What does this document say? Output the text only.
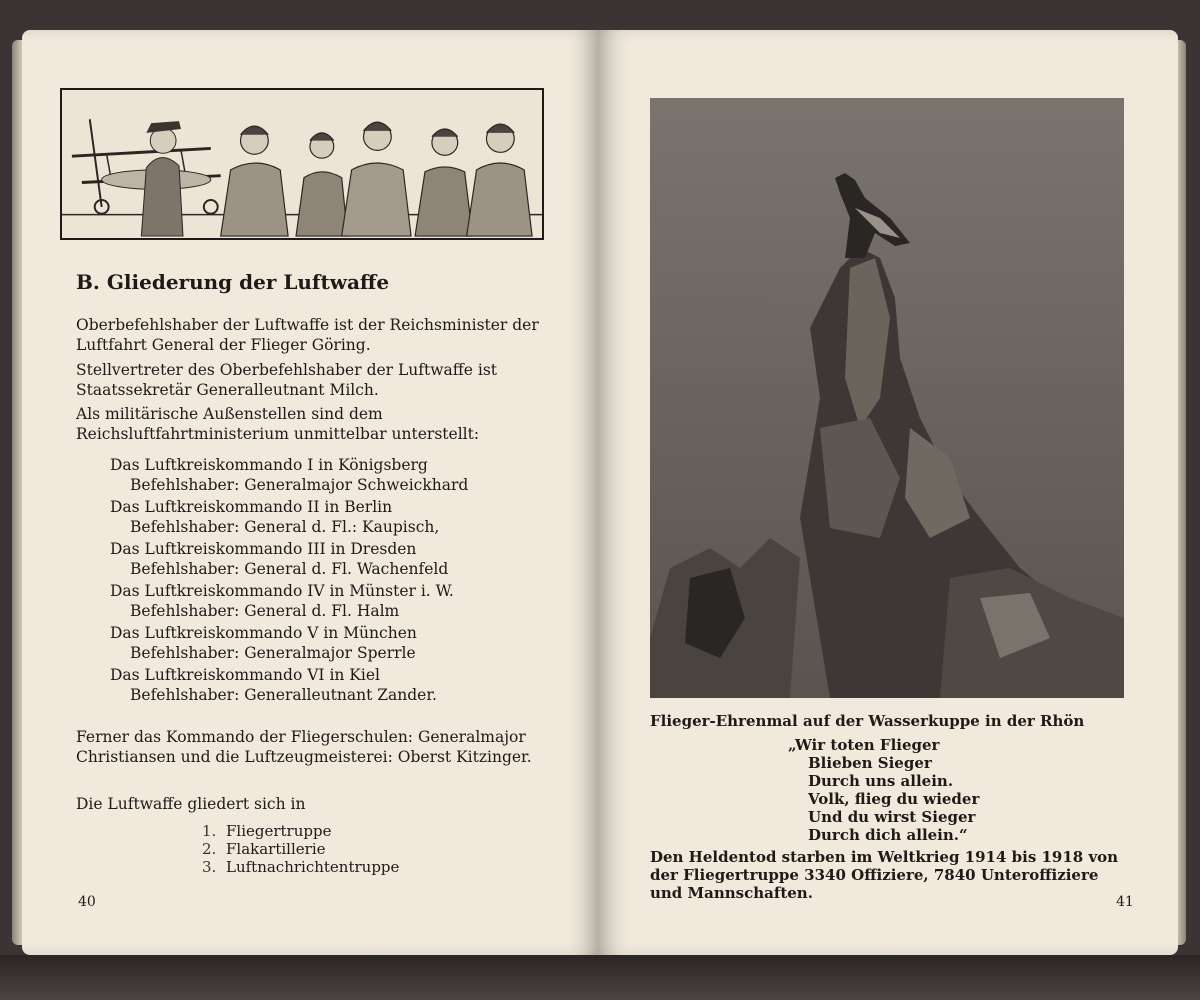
B. Gliederung der Luftwaffe

Oberbefehlshaber der Luftwaffe ist der Reichsminister der Luftfahrt General der Flieger Göring.

Stellvertreter des Oberbefehlshaber der Luftwaffe ist Staatssekretär Generalleutnant Milch.

Als militärische Außenstellen sind dem Reichsluftfahrtministerium unmittelbar unterstellt:

Das Luftkreiskommando I in Königsberg
Befehlshaber: Generalmajor Schweickhard
Das Luftkreiskommando II in Berlin
Befehlshaber: General d. Fl.: Kaupisch,
Das Luftkreiskommando III in Dresden
Befehlshaber: General d. Fl. Wachenfeld
Das Luftkreiskommando IV in Münster i. W.
Befehlshaber: General d. Fl. Halm
Das Luftkreiskommando V in München
Befehlshaber: Generalmajor Sperrle
Das Luftkreiskommando VI in Kiel
Befehlshaber: Generalleutnant Zander.

Ferner das Kommando der Fliegerschulen: Generalmajor Christiansen und die Luftzeugmeisterei: Oberst Kitzinger.

Die Luftwaffe gliedert sich in

1. Fliegertruppe
2. Flakartillerie
3. Luftnachrichtentruppe
40

Flieger-Ehrenmal auf der Wasserkuppe in der Rhön

„Wir toten Flieger
Blieben Sieger
Durch uns allein.
Volk, flieg du wieder
Und du wirst Sieger
Durch dich allein.“

Den Heldentod starben im Weltkrieg 1914 bis 1918 von der Fliegertruppe 3340 Offiziere, 7840 Unteroffiziere und Mannschaften.	41
